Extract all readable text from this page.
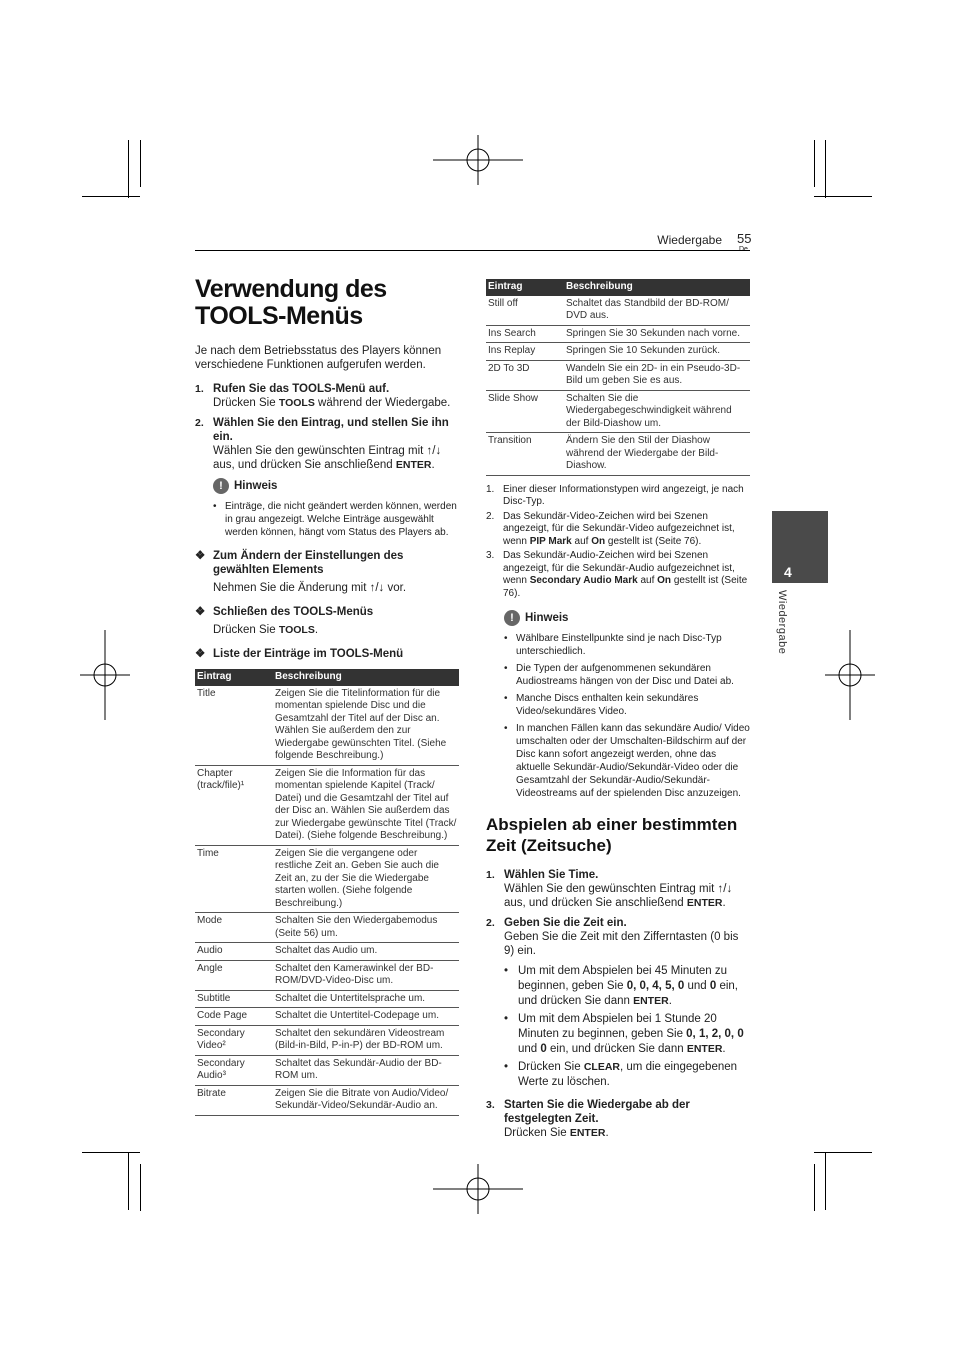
Wiedergabe 55
4
Wiedergabe
Verwendung des TOOLS-Menüs

Je nach dem Betriebsstatus des Players können verschiedene Funktionen aufgerufen werden.

1. Rufen Sie das TOOLS-Menü auf.
Drücken Sie TOOLS während der Wiedergabe.
2. Wählen Sie den Eintrag, und stellen Sie ihn ein.
Wählen Sie den gewünschten Eintrag mit ↑/↓ aus, und drücken Sie anschließend ENTER.
! Hinweis
• Einträge, die nicht geändert werden können, werden in grau angezeigt. Welche Einträge ausgewählt werden können, hängt vom Status des Players ab.
❖ Zum Ändern der Einstellungen des gewählten Elements

Nehmen Sie die Änderung mit ↑/↓ vor.

❖ Schließen des TOOLS-Menüs

Drücken Sie TOOLS.

❖ Liste der Einträge im TOOLS-Menü
Eintrag	Beschreibung
Title	Zeigen Sie die Titelinformation für die momentan spielende Disc und die Gesamtzahl der Titel auf der Disc an. Wählen Sie außerdem den zur Wiedergabe gewünschten Titel. (Siehe folgende Beschreibung.)
Chapter (track/file)¹	Zeigen Sie die Information für das momentan spielende Kapitel (Track/ Datei) und die Gesamtzahl der Titel auf der Disc an. Wählen Sie außerdem das zur Wiedergabe gewünschte Titel (Track/ Datei). (Siehe folgende Beschreibung.)
Time	Zeigen Sie die vergangene oder restliche Zeit an. Geben Sie auch die Zeit an, zu der Sie die Wiedergabe starten wollen. (Siehe folgende Beschreibung.)
Mode	Schalten Sie den Wiedergabemodus (Seite 56) um.
Audio	Schaltet das Audio um.
Angle	Schaltet den Kamerawinkel der BD-ROM/DVD-Video-Disc um.
Subtitle	Schaltet die Untertitelsprache um.
Code Page	Schaltet die Untertitel-Codepage um.
Secondary Video²	Schaltet den sekundären Videostream (Bild-in-Bild, P-in-P) der BD-ROM um.
Secondary Audio³	Schaltet das Sekundär-Audio der BD-ROM um.
Bitrate	Zeigen Sie die Bitrate von Audio/Video/ Sekundär-Video/Sekundär-Audio an.
Eintrag	Beschreibung
Still off	Schaltet das Standbild der BD-ROM/ DVD aus.
Ins Search	Springen Sie 30 Sekunden nach vorne.
Ins Replay	Springen Sie 10 Sekunden zurück.
2D To 3D	Wandeln Sie ein 2D- in ein Pseudo-3D-Bild um geben Sie es aus.
Slide Show	Schalten Sie die Wiedergabegeschwindigkeit während der Bild-Diashow um.
Transition	Ändern Sie den Stil der Diashow während der Wiedergabe der Bild-Diashow.
1. Einer dieser Informationstypen wird angezeigt, je nach Disc-Typ.
2. Das Sekundär-Video-Zeichen wird bei Szenen angezeigt, für die Sekundär-Video aufgezeichnet ist, wenn PIP Mark auf On gestellt ist (Seite 76).
3. Das Sekundär-Audio-Zeichen wird bei Szenen angezeigt, für die Sekundär-Audio aufgezeichnet ist, wenn Secondary Audio Mark auf On gestellt ist (Seite 76).
! Hinweis
• Wählbare Einstellpunkte sind je nach Disc-Typ unterschiedlich.
• Die Typen der aufgenommenen sekundären Audiostreams hängen von der Disc und Datei ab.
• Manche Discs enthalten kein sekundäres Video/sekundäres Video.
• In manchen Fällen kann das sekundäre Audio/ Video umschalten oder der Umschalten-Bildschirm auf der Disc kann sofort angezeigt werden, ohne das aktuelle Sekundär-Audio/Sekundär-Video oder die Gesamtzahl der Sekundär-Audio/Sekundär-Videostreams auf der spielenden Disc anzuzeigen.
Abspielen ab einer bestimmten Zeit (Zeitsuche)
1. Wählen Sie Time.
Wählen Sie den gewünschten Eintrag mit ↑/↓ aus, und drücken Sie anschließend ENTER.
2. Geben Sie die Zeit ein.
Geben Sie die Zeit mit den Zifferntasten (0 bis 9) ein.
• Um mit dem Abspielen bei 45 Minuten zu beginnen, geben Sie 0, 0, 4, 5, 0 und 0 ein, und drücken Sie dann ENTER.
• Um mit dem Abspielen bei 1 Stunde 20 Minuten zu beginnen, geben Sie 0, 1, 2, 0, 0 und 0 ein, und drücken Sie dann ENTER.
• Drücken Sie CLEAR, um die eingegebenen Werte zu löschen.
3. Starten Sie die Wiedergabe ab der festgelegten Zeit.
Drücken Sie ENTER.
